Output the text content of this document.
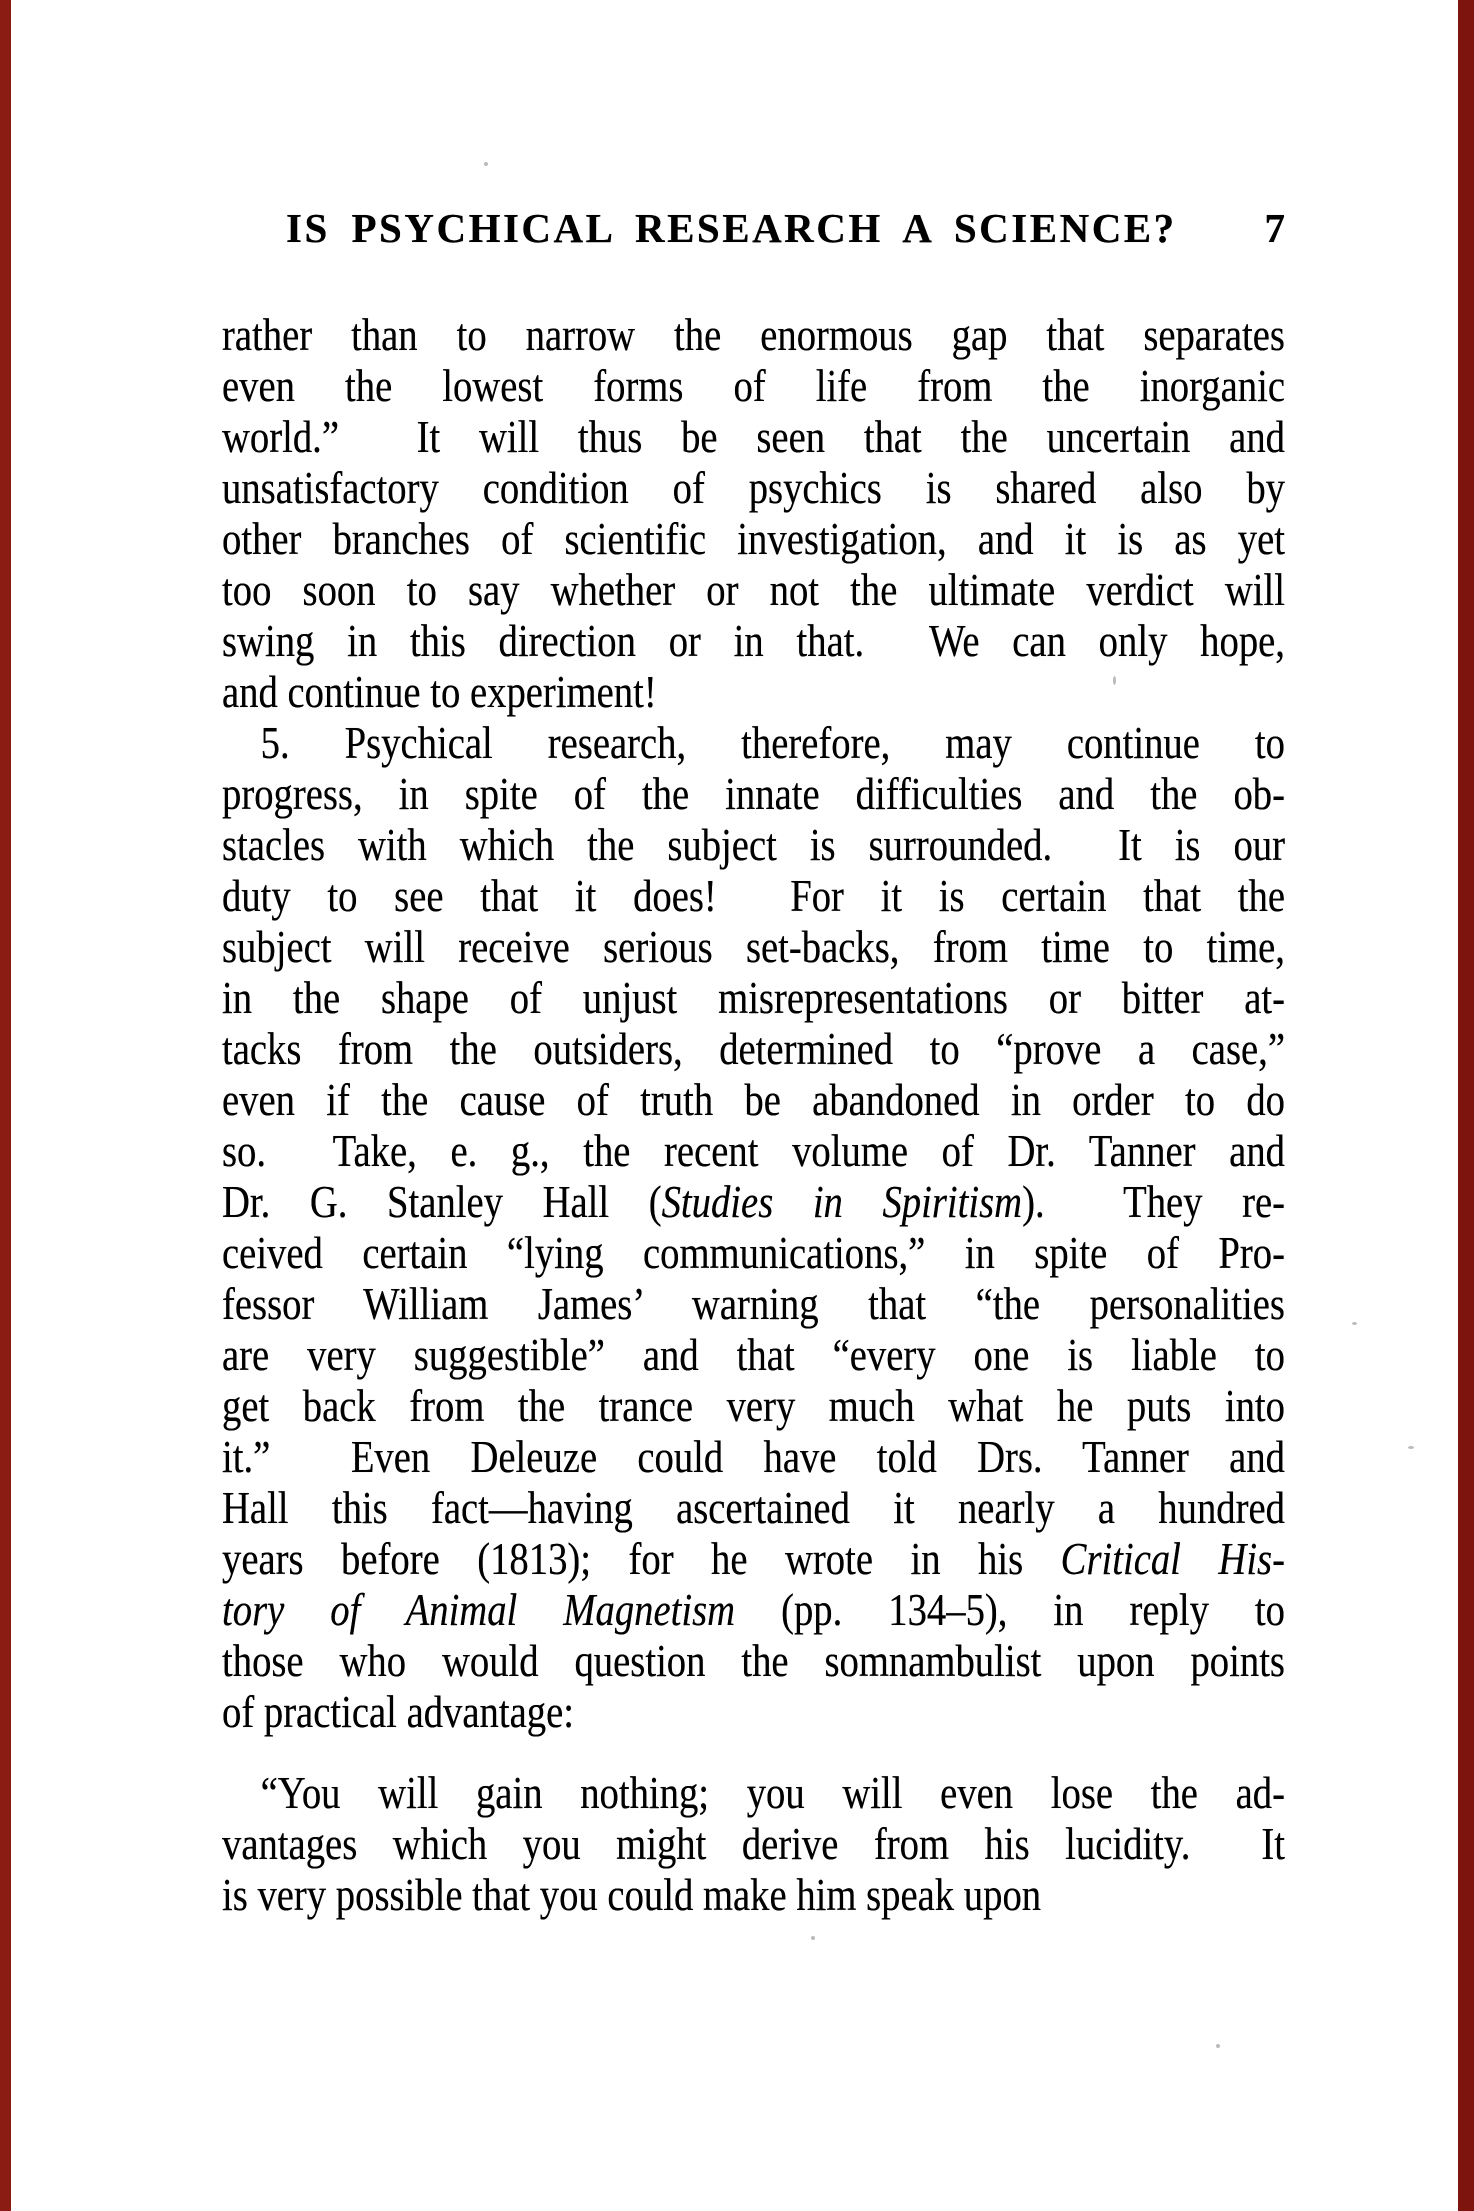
IS PSYCHICAL RESEARCH A SCIENCE? 7
rather than to narrow the enormous gap that separates
even the lowest forms of life from the inorganic
world.”  It will thus be seen that the uncertain and
unsatisfactory condition of psychics is shared also by
other branches of scientific investigation, and it is as yet
too soon to say whether or not the ultimate verdict will
swing in this direction or in that.  We can only hope,
and continue to experiment!
5. Psychical research, therefore, may continue to
progress, in spite of the innate difficulties and the ob-
stacles with which the subject is surrounded.  It is our
duty to see that it does!  For it is certain that the
subject will receive serious set-backs, from time to time,
in the shape of unjust misrepresentations or bitter at-
tacks from the outsiders, determined to “prove a case,”
even if the cause of truth be abandoned in order to do
so.  Take, e. g., the recent volume of Dr. Tanner and
Dr. G. Stanley Hall (Studies in Spiritism).  They re-
ceived certain “lying communications,” in spite of Pro-
fessor William James’ warning that “the personalities
are very suggestible” and that “every one is liable to
get back from the trance very much what he puts into
it.”  Even Deleuze could have told Drs. Tanner and
Hall this fact—having ascertained it nearly a hundred
years before (1813); for he wrote in his Critical His-
tory of Animal Magnetism (pp. 134–5), in reply to
those who would question the somnambulist upon points
of practical advantage:
“You will gain nothing; you will even lose the ad-
vantages which you might derive from his lucidity.  It
is very possible that you could make him speak upon
